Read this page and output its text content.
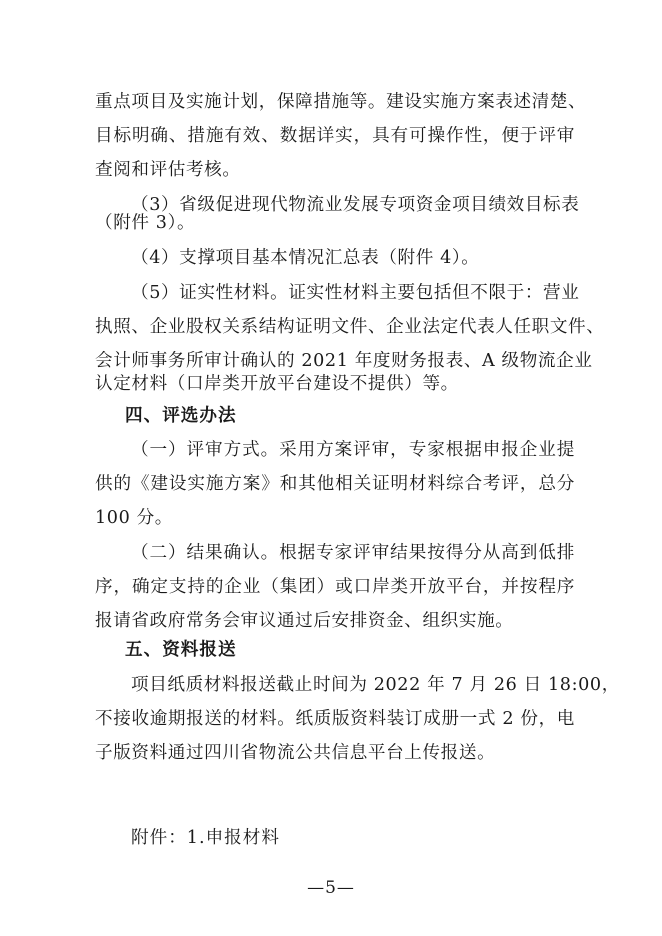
重点项目及实施计划，保障措施等。建设实施方案表述清楚、
目标明确、措施有效、数据详实，具有可操作性，便于评审
查阅和评估考核。
（3）省级促进现代物流业发展专项资金项目绩效目标表
（附件 3）。
（4）支撑项目基本情况汇总表（附件 4）。
（5）证实性材料。证实性材料主要包括但不限于：营业
执照、企业股权关系结构证明文件、企业法定代表人任职文件、
会计师事务所审计确认的 2021 年度财务报表、A 级物流企业
认定材料（口岸类开放平台建设不提供）等。
四、评选办法
（一）评审方式。采用方案评审，专家根据申报企业提
供的《建设实施方案》和其他相关证明材料综合考评，总分
100 分。
（二）结果确认。根据专家评审结果按得分从高到低排
序，确定支持的企业（集团）或口岸类开放平台，并按程序
报请省政府常务会审议通过后安排资金、组织实施。
五、资料报送
项目纸质材料报送截止时间为 2022 年 7 月 26 日 18:00，
不接收逾期报送的材料。纸质版资料装订成册一式 2 份，电
子版资料通过四川省物流公共信息平台上传报送。
附件：1.申报材料
—5—
